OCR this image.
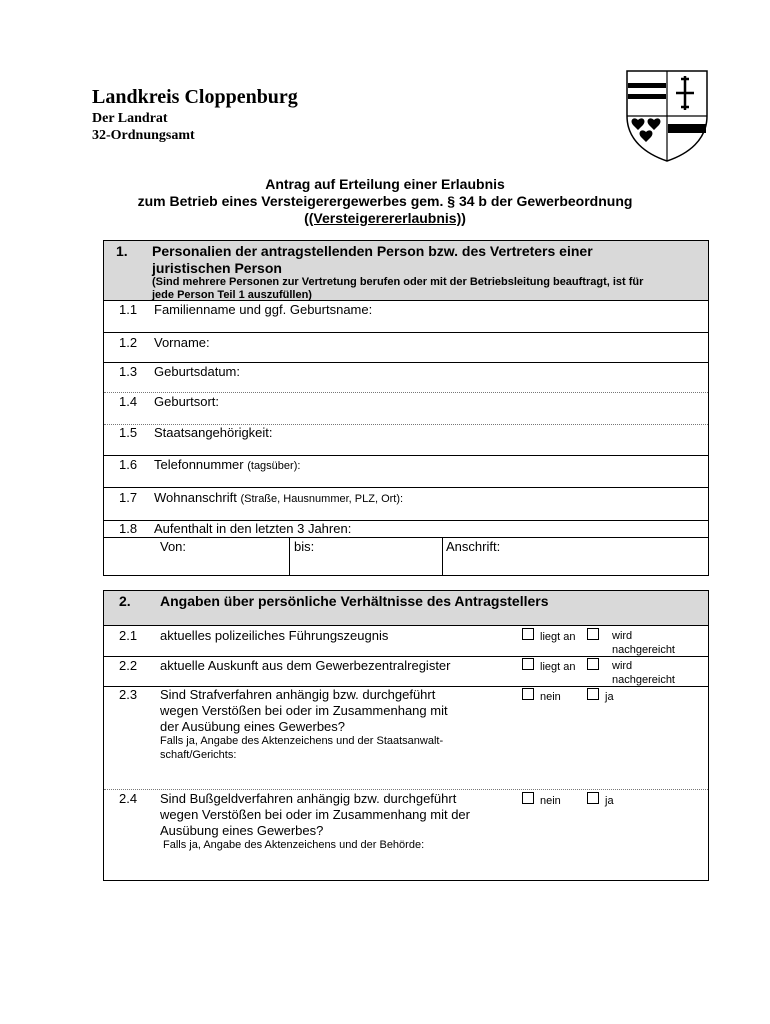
Landkreis Cloppenburg
Der Landrat
32-Ordnungsamt
Antrag auf Erteilung einer Erlaubnis
zum Betrieb eines Versteigerergewerbes gem. § 34 b der Gewerbeordnung
((Versteigerererlaubnis))
1. Personalien der antragstellenden Person bzw. des Vertreters einer
juristischen Person
(Sind mehrere Personen zur Vertretung berufen oder mit der Betriebsleitung beauftragt, ist für
jede Person Teil 1 auszufüllen)
1.1 Familienname und ggf. Geburtsname:
1.2 Vorname:
1.3 Geburtsdatum:
1.4 Geburtsort:
1.5 Staatsangehörigkeit:
1.6 Telefonnummer (tagsüber):
1.7 Wohnanschrift (Straße, Hausnummer, PLZ, Ort):
1.8 Aufenthalt in den letzten 3 Jahren:
Von:	bis:	Anschrift:
2. Angaben über persönliche Verhältnisse des Antragstellers
2.1 aktuelles polizeiliches Führungszeugnis	liegt an	wird
nachgereicht
2.2 aktuelle Auskunft aus dem Gewerbezentralregister	liegt an	wird
nachgereicht
2.3 Sind Strafverfahren anhängig bzw. durchgeführt
wegen Verstößen bei oder im Zusammenhang mit
der Ausübung eines Gewerbes?
Falls ja, Angabe des Aktenzeichens und der Staatsanwalt-
schaft/Gerichts:
nein	ja
2.4 Sind Bußgeldverfahren anhängig bzw. durchgeführt
wegen Verstößen bei oder im Zusammenhang mit der
Ausübung eines Gewerbes?
Falls ja, Angabe des Aktenzeichens und der Behörde:
nein	ja
